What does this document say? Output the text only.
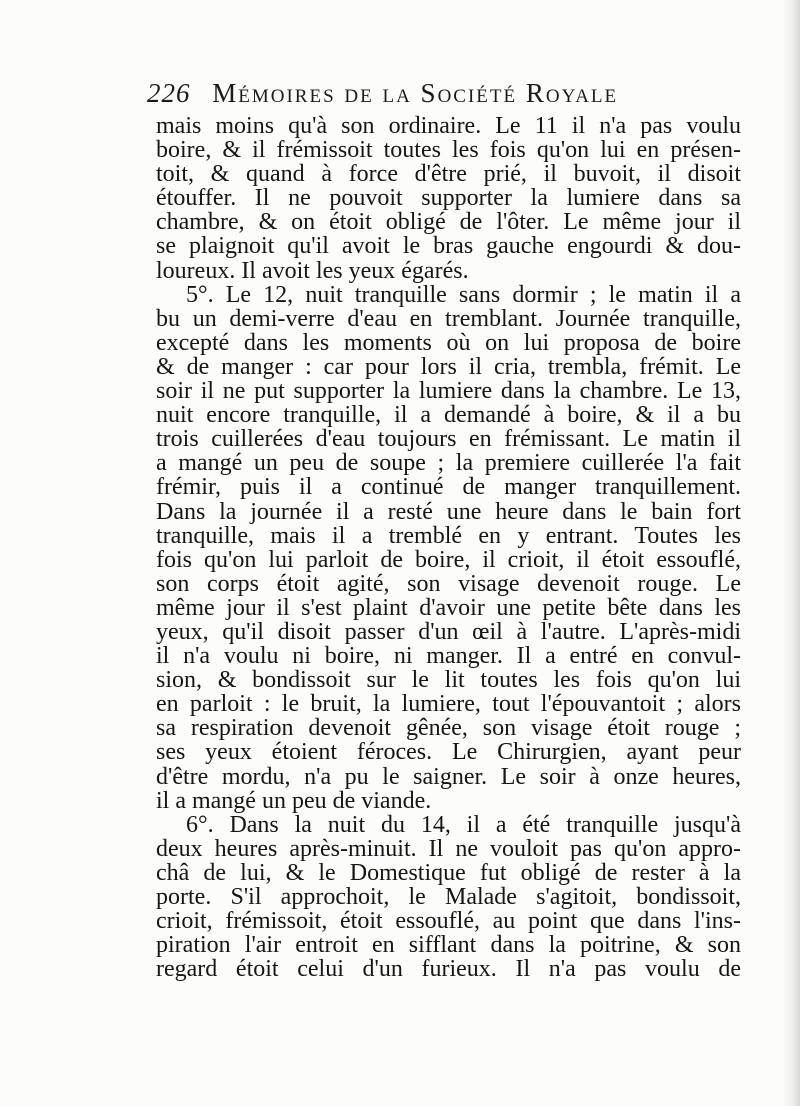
226 Mémoires de la Société Royale
mais moins qu'à son ordinaire. Le 11 il n'a pas voulu
boire, & il frémissoit toutes les fois qu'on lui en présen-
toit, & quand à force d'être prié, il buvoit, il disoit
étouffer. Il ne pouvoit supporter la lumiere dans sa
chambre, & on étoit obligé de l'ôter. Le même jour il
se plaignoit qu'il avoit le bras gauche engourdi & dou-
loureux. Il avoit les yeux égarés.
5°. Le 12, nuit tranquille sans dormir ; le matin il a
bu un demi-verre d'eau en tremblant. Journée tranquille,
excepté dans les moments où on lui proposa de boire
& de manger : car pour lors il cria, trembla, frémit. Le
soir il ne put supporter la lumiere dans la chambre. Le 13,
nuit encore tranquille, il a demandé à boire, & il a bu
trois cuillerées d'eau toujours en frémissant. Le matin il
a mangé un peu de soupe ; la premiere cuillerée l'a fait
frémir, puis il a continué de manger tranquillement.
Dans la journée il a resté une heure dans le bain fort
tranquille, mais il a tremblé en y entrant. Toutes les
fois qu'on lui parloit de boire, il crioit, il étoit essouflé,
son corps étoit agité, son visage devenoit rouge. Le
même jour il s'est plaint d'avoir une petite bête dans les
yeux, qu'il disoit passer d'un œil à l'autre. L'après-midi
il n'a voulu ni boire, ni manger. Il a entré en convul-
sion, & bondissoit sur le lit toutes les fois qu'on lui
en parloit : le bruit, la lumiere, tout l'épouvantoit ; alors
sa respiration devenoit gênée, son visage étoit rouge ;
ses yeux étoient féroces. Le Chirurgien, ayant peur
d'être mordu, n'a pu le saigner. Le soir à onze heures,
il a mangé un peu de viande.
6°. Dans la nuit du 14, il a été tranquille jusqu'à
deux heures après-minuit. Il ne vouloit pas qu'on appro-
châ de lui, & le Domestique fut obligé de rester à la
porte. S'il approchoit, le Malade s'agitoit, bondissoit,
crioit, frémissoit, étoit essouflé, au point que dans l'ins-
piration l'air entroit en sifflant dans la poitrine, & son
regard étoit celui d'un furieux. Il n'a pas voulu de
